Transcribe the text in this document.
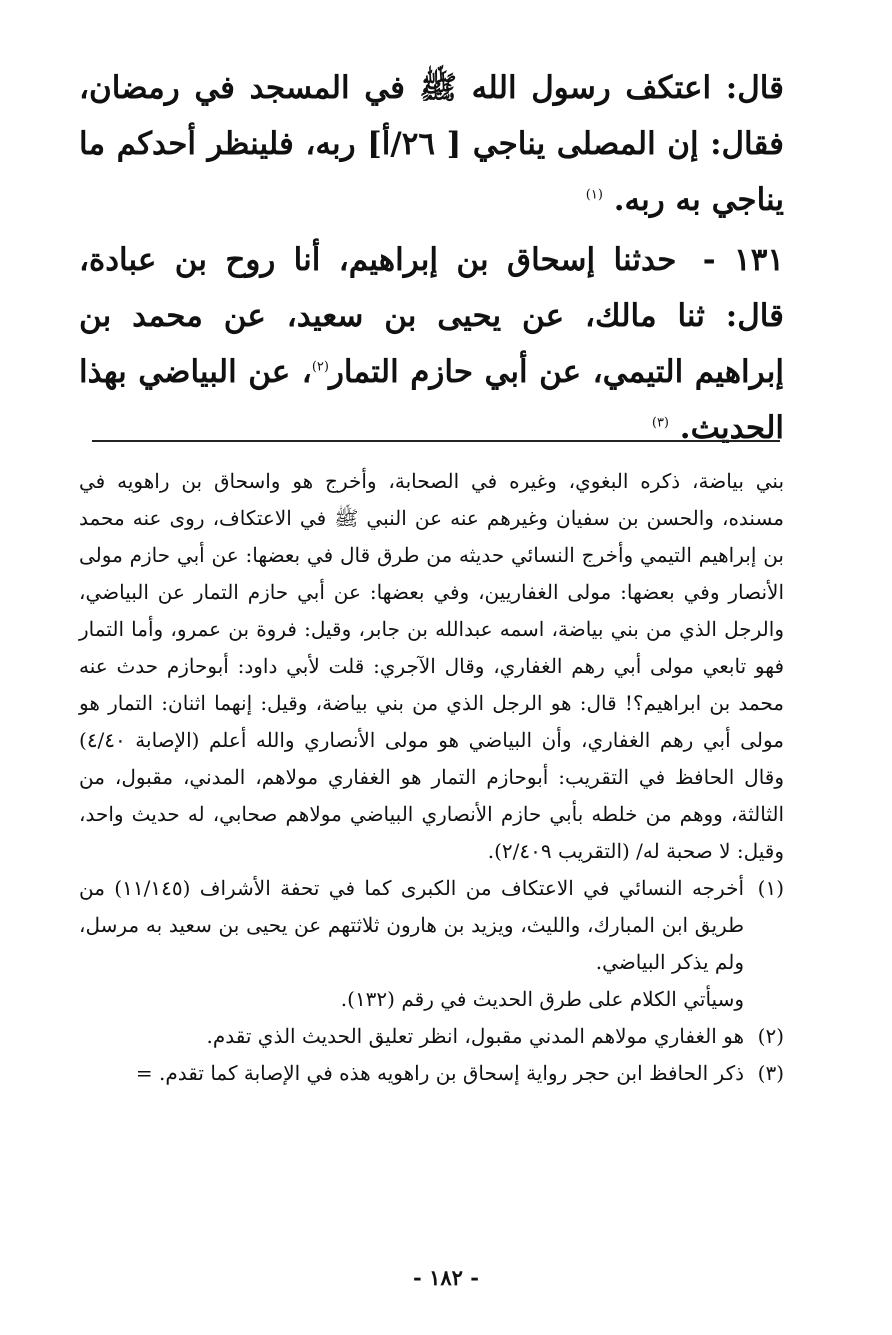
قال: اعتكف رسول الله ﷺ في المسجد في رمضان، فقال: إن المصلى يناجي [ ٢٦/أ] ربه، فلينظر أحدكم ما يناجي به ربه. $^{(١)}$

١٣١ - حدثنا إسحاق بن إبراهيم، أنا روح بن عبادة، قال: ثنا مالك، عن يحيى بن سعيد، عن محمد بن إبراهيم التيمي، عن أبي حازم التمار$^{(٢)}$، عن البياضي بهذا الحديث. $^{(٣)}$

بني بياضة، ذكره البغوي، وغيره في الصحابة، وأخرج هو واسحاق بن راهويه في مسنده، والحسن بن سفيان وغيرهم عنه عن النبي ﷺ في الاعتكاف، روى عنه محمد بن إبراهيم التيمي وأخرج النسائي حديثه من طرق قال في بعضها: عن أبي حازم مولى الأنصار وفي بعضها: مولى الغفاريين، وفي بعضها: عن أبي حازم التمار عن البياضي، والرجل الذي من بني بياضة، اسمه عبدالله بن جابر، وقيل: فروة بن عمرو، وأما التمار فهو تابعي مولى أبي رهم الغفاري، وقال الآجري: قلت لأبي داود: أبوحازم حدث عنه محمد بن ابراهيم؟! قال: هو الرجل الذي من بني بياضة، وقيل: إنهما اثنان: التمار هو مولى أبي رهم الغفاري، وأن البياضي هو مولى الأنصاري والله أعلم (الإصابة ٤/٤٠) وقال الحافظ في التقريب: أبوحازم التمار هو الغفاري مولاهم، المدني، مقبول، من الثالثة، ووهم من خلطه بأبي حازم الأنصاري البياضي مولاهم صحابي، له حديث واحد، وقيل: لا صحبة له/ (التقريب ٢/٤٠٩).

(١)

أخرجه النسائي في الاعتكاف من الكبرى كما في تحفة الأشراف (١١/١٤٥) من طريق ابن المبارك، والليث، ويزيد بن هارون ثلاثتهم عن يحيى بن سعيد به مرسل، ولم يذكر البياضي.

وسيأتي الكلام على طرق الحديث في رقم (١٣٢).

(٢)

هو الغفاري مولاهم المدني مقبول، انظر تعليق الحديث الذي تقدم.

(٣)

ذكر الحافظ ابن حجر رواية إسحاق بن راهويه هذه في الإصابة كما تقدم. =

- ١٨٢ -
